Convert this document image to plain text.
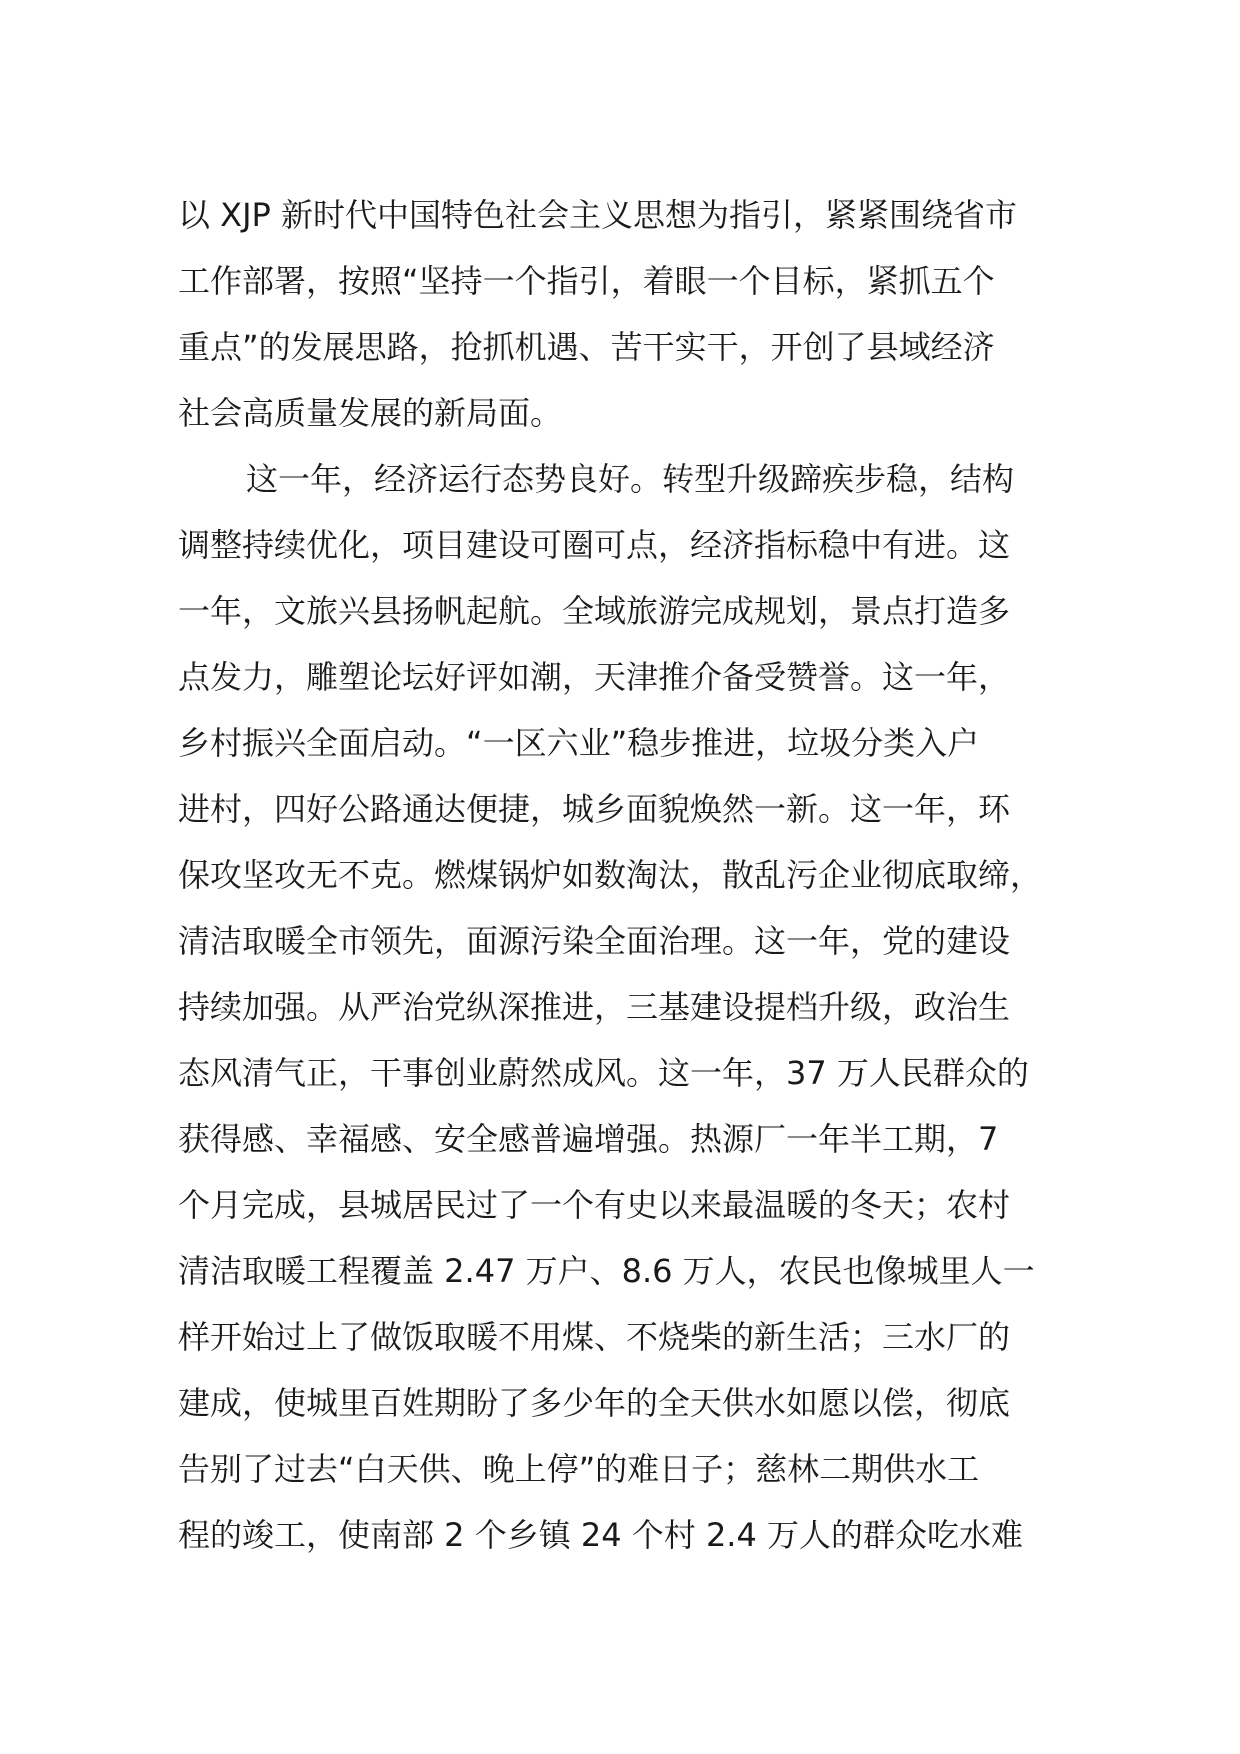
以 XJP 新时代中国特色社会主义思想为指引，紧紧围绕省市
工作部署，按照“坚持一个指引，着眼一个目标，紧抓五个
重点”的发展思路，抢抓机遇、苦干实干，开创了县域经济
社会高质量发展的新局面。
这一年，经济运行态势良好。转型升级蹄疾步稳，结构
调整持续优化，项目建设可圈可点，经济指标稳中有进。这
一年，文旅兴县扬帆起航。全域旅游完成规划，景点打造多
点发力，雕塑论坛好评如潮，天津推介备受赞誉。这一年，
乡村振兴全面启动。“一区六业”稳步推进，垃圾分类入户
进村，四好公路通达便捷，城乡面貌焕然一新。这一年，环
保攻坚攻无不克。燃煤锅炉如数淘汰，散乱污企业彻底取缔，
清洁取暖全市领先，面源污染全面治理。这一年，党的建设
持续加强。从严治党纵深推进，三基建设提档升级，政治生
态风清气正，干事创业蔚然成风。这一年，37 万人民群众的
获得感、幸福感、安全感普遍增强。热源厂一年半工期，7
个月完成，县城居民过了一个有史以来最温暖的冬天；农村
清洁取暖工程覆盖 2.47 万户、8.6 万人，农民也像城里人一
样开始过上了做饭取暖不用煤、不烧柴的新生活；三水厂的
建成，使城里百姓期盼了多少年的全天供水如愿以偿，彻底
告别了过去“白天供、晚上停”的难日子；慈林二期供水工
程的竣工，使南部 2 个乡镇 24 个村 2.4 万人的群众吃水难
